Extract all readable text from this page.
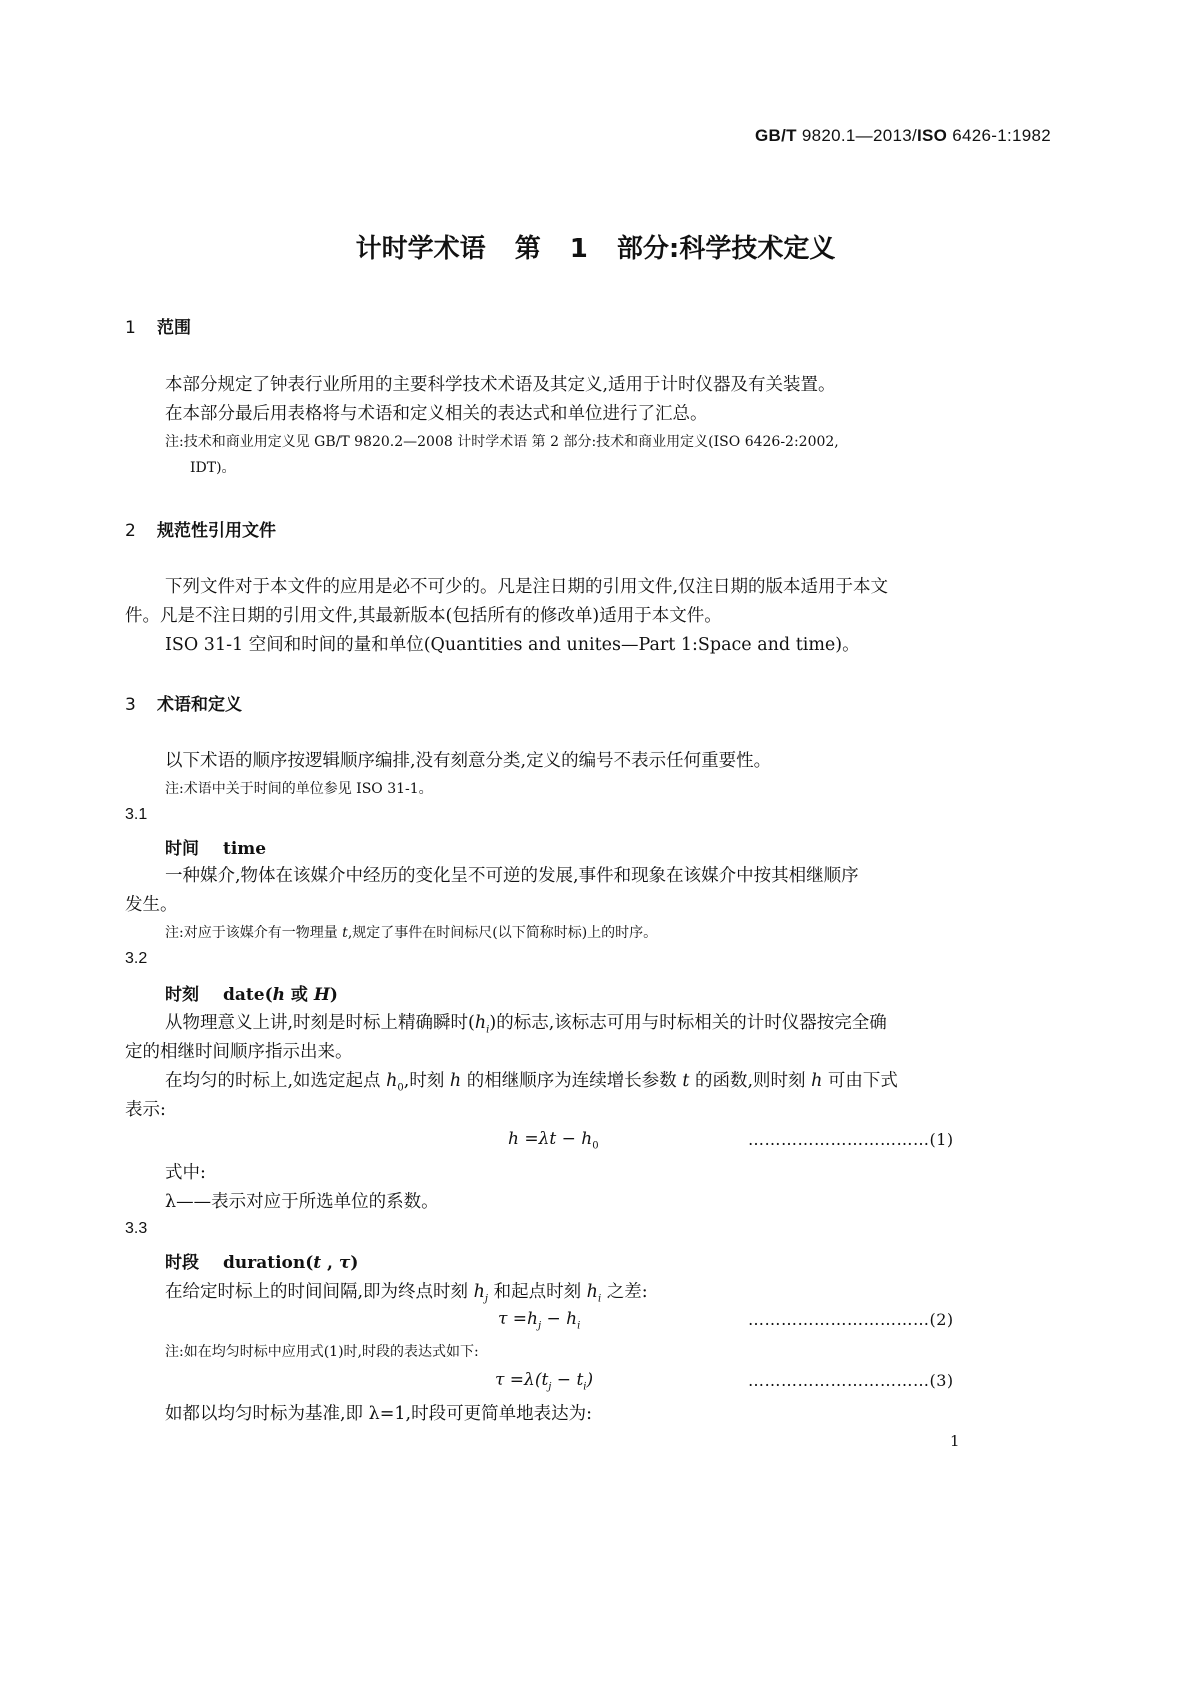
GB/T 9820.1—2013/ISO 6426-1:1982
计时学术语 第 1 部分:科学技术定义
1 范围
本部分规定了钟表行业所用的主要科学技术术语及其定义,适用于计时仪器及有关装置。
在本部分最后用表格将与术语和定义相关的表达式和单位进行了汇总。
注:技术和商业用定义见 GB/T 9820.2—2008 计时学术语 第 2 部分:技术和商业用定义(ISO 6426-2:2002,
IDT)。
2 规范性引用文件
下列文件对于本文件的应用是必不可少的。凡是注日期的引用文件,仅注日期的版本适用于本文
件。凡是不注日期的引用文件,其最新版本(包括所有的修改单)适用于本文件。
ISO 31-1 空间和时间的量和单位(Quantities and unites—Part 1:Space and time)。
3 术语和定义
以下术语的顺序按逻辑顺序编排,没有刻意分类,定义的编号不表示任何重要性。
注:术语中关于时间的单位参见 ISO 31-1。
3.1
时间 time
一种媒介,物体在该媒介中经历的变化呈不可逆的发展,事件和现象在该媒介中按其相继顺序
发生。
注:对应于该媒介有一物理量 t,规定了事件在时间标尺(以下简称时标)上的时序。
3.2
时刻 date(h 或 H)
从物理意义上讲,时刻是时标上精确瞬时$(h_i)$的标志,该标志可用与时标相关的计时仪器按完全确
定的相继时间顺序指示出来。
在均匀的时标上,如选定起点 $h_0$,时刻 h 的相继顺序为连续增长参数 t 的函数,则时刻 h 可由下式
表示:
$h =\lambda t - h_0$	……………………………(1)
式中:
λ——表示对应于所选单位的系数。
3.3
时段 duration(t , τ)
在给定时标上的时间间隔,即为终点时刻 $h_j$ 和起点时刻 $h_i$ 之差:
$\tau =h_j - h_i$	……………………………(2)
注:如在均匀时标中应用式(1)时,时段的表达式如下:
$\tau =\lambda(t_j - t_i)$	……………………………(3)
如都以均匀时标为基准,即 λ=1,时段可更简单地表达为:
1
